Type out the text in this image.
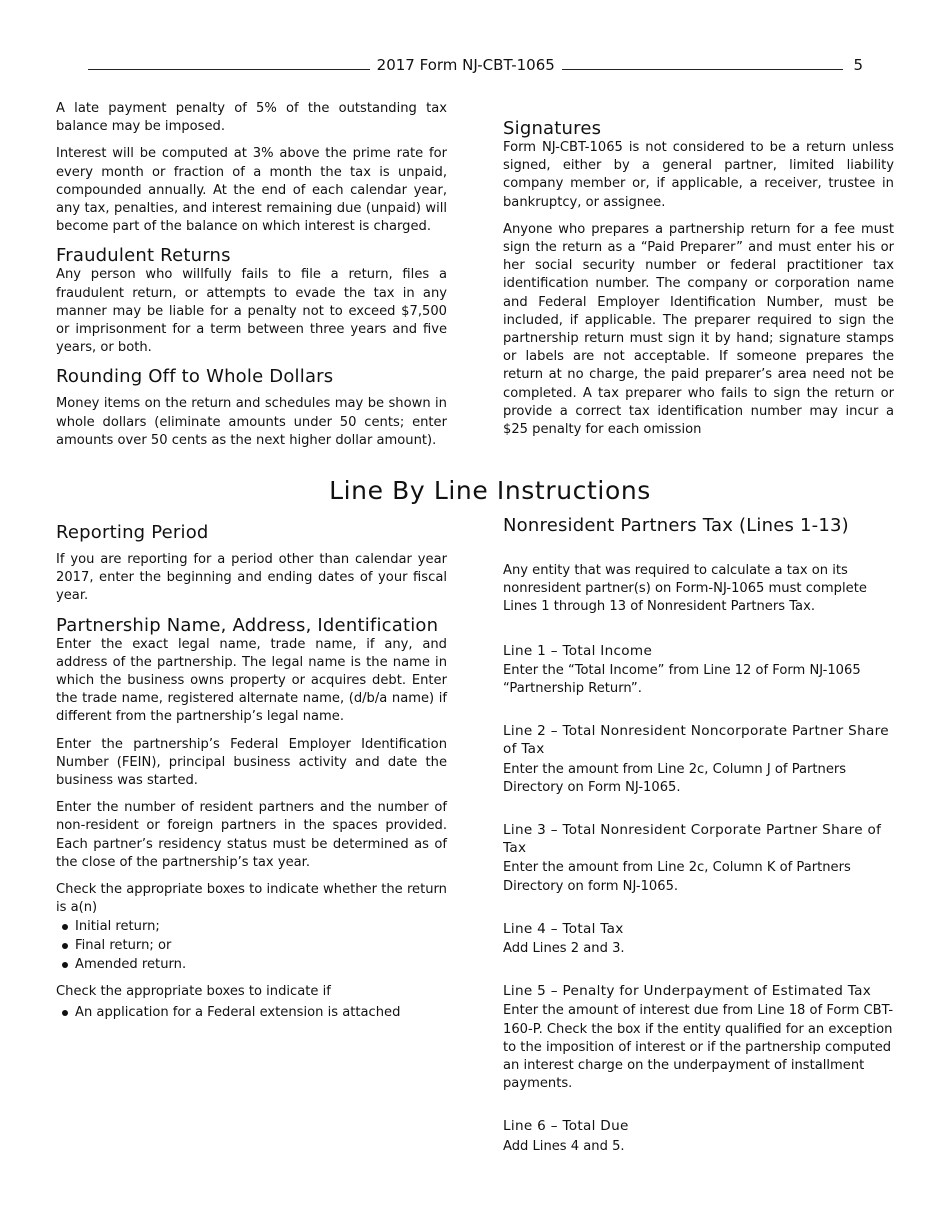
2017 Form NJ-CBT-1065	5

A late payment penalty of 5% of the outstanding tax balance may be imposed.

Interest will be computed at 3% above the prime rate for every month or fraction of a month the tax is unpaid, compounded annually. At the end of each calendar year, any tax, penalties, and interest remaining due (unpaid) will become part of the balance on which interest is charged.

Fraudulent Returns

Any person who willfully fails to file a return, files a fraudulent return, or attempts to evade the tax in any manner may be liable for a penalty not to exceed $7,500 or imprisonment for a term between three years and five years, or both.

Rounding Off to Whole Dollars

Money items on the return and schedules may be shown in whole dollars (eliminate amounts under 50 cents; enter amounts over 50 cents as the next higher dollar amount).

Signatures

Form NJ-CBT-1065 is not considered to be a return unless signed, either by a general partner, limited liability company member or, if applicable, a receiver, trustee in bankruptcy, or assignee.

Anyone who prepares a partnership return for a fee must sign the return as a “Paid Preparer” and must enter his or her social security number or federal practitioner tax identification number. The company or corporation name and Federal Employer Identification Number, must be included, if applicable. The preparer required to sign the partnership return must sign it by hand; signature stamps or labels are not acceptable. If someone prepares the return at no charge, the paid preparer’s area need not be completed. A tax preparer who fails to sign the return or provide a correct tax identification number may incur a $25 penalty for each omission

Line By Line Instructions
Reporting Period

If you are reporting for a period other than calendar year 2017, enter the beginning and ending dates of your fiscal year.

Partnership Name, Address, Identification

Enter the exact legal name, trade name, if any, and address of the partnership. The legal name is the name in which the business owns property or acquires debt. Enter the trade name, registered alternate name, (d/b/a name) if different from the partnership’s legal name.

Enter the partnership’s Federal Employer Identification Number (FEIN), principal business activity and date the business was started.

Enter the number of resident partners and the number of non-resident or foreign partners in the spaces provided. Each partner’s residency status must be determined as of the close of the partnership’s tax year.

Check the appropriate boxes to indicate whether the return is a(n)

Initial return;
Final return; or
Amended return.

Check the appropriate boxes to indicate if

An application for a Federal extension is attached
Nonresident Partners Tax (Lines 1-13)

Any entity that was required to calculate a tax on its nonresident partner(s) on Form-NJ-1065 must complete Lines 1 through 13 of Nonresident Partners Tax.

Line 1 – Total Income

Enter the “Total Income” from Line 12 of Form NJ-1065 “Partnership Return”.

Line 2 – Total Nonresident Noncorporate Partner Share of Tax

Enter the amount from Line 2c, Column J of Partners Directory on Form NJ-1065.

Line 3 – Total Nonresident Corporate Partner Share of Tax

Enter the amount from Line 2c, Column K of Partners Directory on form NJ-1065.

Line 4 – Total Tax

Add Lines 2 and 3.

Line 5 – Penalty for Underpayment of Estimated Tax

Enter the amount of interest due from Line 18 of Form CBT-160-P. Check the box if the entity qualified for an exception to the imposition of interest or if the partnership computed an interest charge on the underpayment of installment payments.

Line 6 – Total Due

Add Lines 4 and 5.
